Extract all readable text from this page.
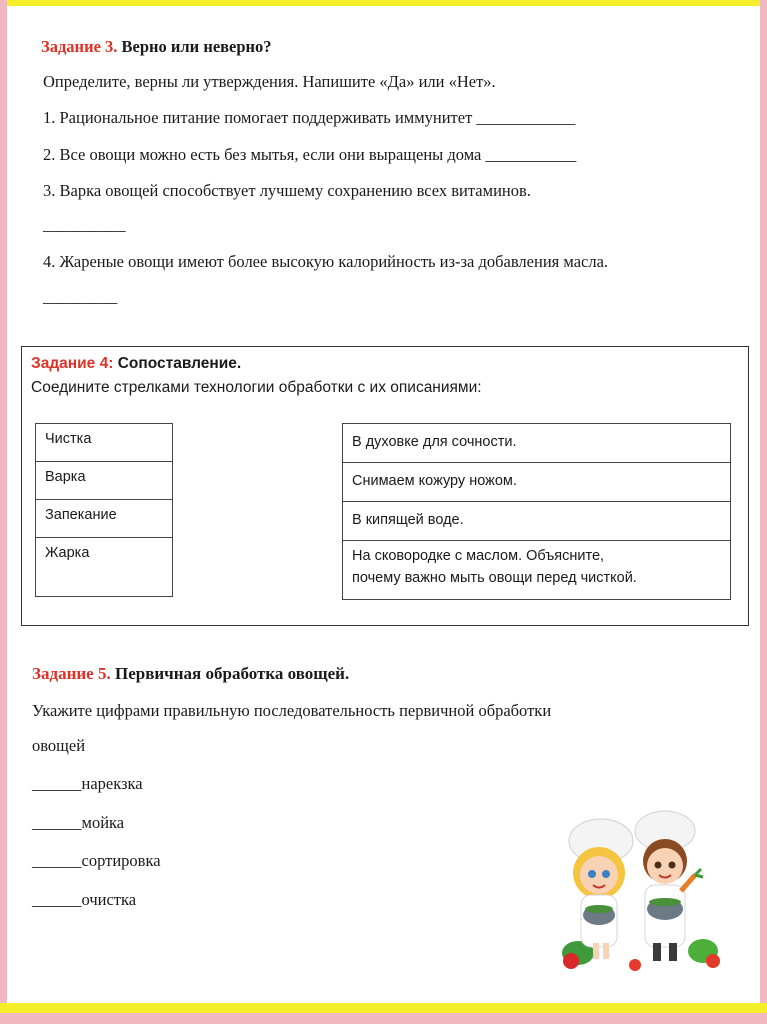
Задание 3. Верно или неверно?
Определите, верны ли утверждения. Напишите «Да» или «Нет».
1. Рациональное питание помогает поддерживать иммунитет ____________
2. Все овощи можно есть без мытья, если они выращены дома ___________
3. Варка овощей способствует лучшему сохранению всех витаминов.
__________
4. Жареные овощи имеют более высокую калорийность из-за добавления масла.
_________
Задание 4: Сопоставление.
Соедините стрелками технологии обработки с их описаниями:
Чистка
Варка
Запекание
Жарка
В духовке для сочности.
Снимаем кожуру ножом.
В кипящей воде.

На сковородке с маслом. Объясните,
почему важно мыть овощи перед чисткой.
Задание 5. Первичная обработка овощей.
Укажите цифрами правильную последовательность первичной обработки
овощей
______нарекзка
______мойка
______сортировка
______очистка
